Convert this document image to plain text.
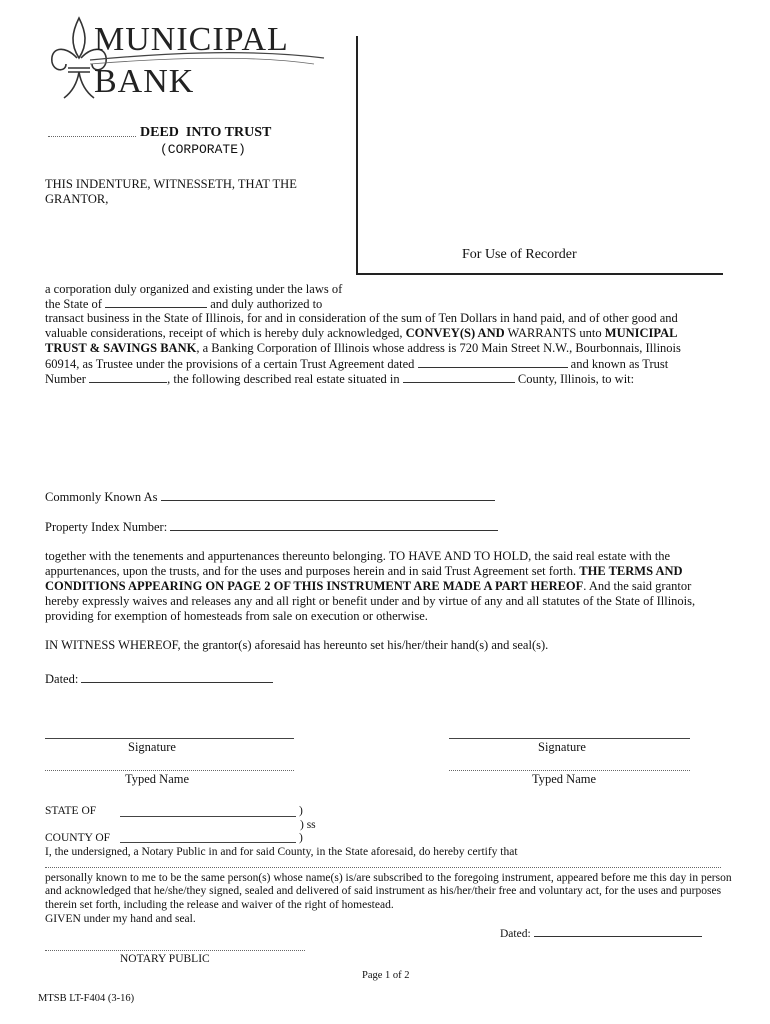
MUNICIPAL
BANK
For Use of Recorder
DEED  INTO TRUST
(CORPORATE)
THIS INDENTURE, WITNESSETH, THAT THE
GRANTOR,
a corporation duly organized and existing under the laws of
the State of	and duly authorized to
transact business in the State of Illinois, for and in consideration of the sum of Ten Dollars in hand paid, and of other good and
valuable considerations, receipt of which is hereby duly acknowledged, CONVEY(S) AND WARRANTS unto MUNICIPAL
TRUST & SAVINGS BANK, a Banking Corporation of Illinois whose address is 720 Main Street N.W., Bourbonnais, Illinois
60914, as Trustee under the provisions of a certain Trust Agreement dated	and known as Trust
Number	, the following described real estate situated in	County, Illinois, to wit:
Commonly Known As
Property Index Number:
together with the tenements and appurtenances thereunto belonging. TO HAVE AND TO HOLD, the said real estate with the
appurtenances, upon the trusts, and for the uses and purposes herein and in said Trust Agreement set forth. THE TERMS AND
CONDITIONS APPEARING ON PAGE 2 OF THIS INSTRUMENT ARE MADE A PART HEREOF. And the said grantor
hereby expressly waives and releases any and all right or benefit under and by virtue of any and all statutes of the State of Illinois,
providing for exemption of homesteads from sale on execution or otherwise.
IN WITNESS WHEREOF, the grantor(s) aforesaid has hereunto set his/her/their hand(s) and seal(s).
Dated:
Signature	Signature
Typed Name	Typed Name
STATE OF	)
) ss
COUNTY OF	)
I, the undersigned, a Notary Public in and for said County, in the State aforesaid, do hereby certify that
personally known to me to be the same person(s) whose name(s) is/are subscribed to the foregoing instrument, appeared before me this day in person
and acknowledged that he/she/they signed, sealed and delivered of said instrument as his/her/their free and voluntary act, for the uses and purposes
therein set forth, including the release and waiver of the right of homestead.
GIVEN under my hand and seal.
Dated:
NOTARY PUBLIC
Page 1 of 2
MTSB LT-F404 (3-16)
